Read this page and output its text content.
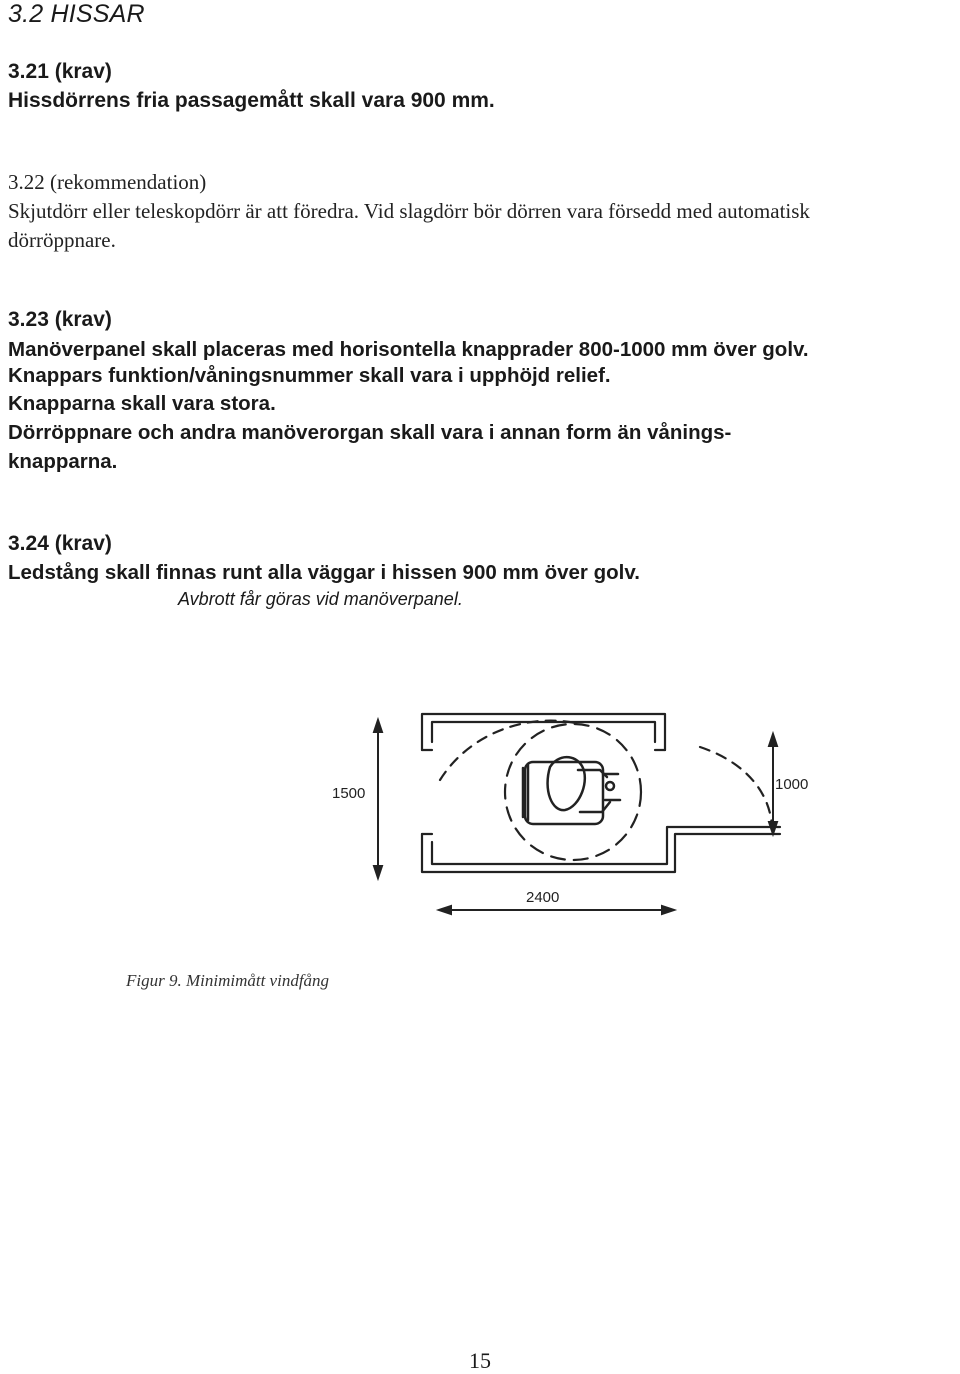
3.2 HISSAR
3.21 (krav)
Hissdörrens fria passagemått skall vara 900 mm.
3.22 (rekommendation)
Skjutdörr eller teleskopdörr är att föredra. Vid slagdörr bör dörren vara försedd med automatisk
dörröppnare.
3.23 (krav)
Manöverpanel skall placeras med horisontella knapprader 800-1000 mm över golv.
Knappars funktion/våningsnummer skall vara i upphöjd relief.
Knapparna skall vara stora.
Dörröppnare och andra manöverorgan skall vara i annan form än vånings-
knapparna.
3.24 (krav)
Ledstång skall finnas runt alla väggar i hissen 900 mm över golv.
Avbrott får göras vid manöverpanel.
1500
1000
2400
Figur 9. Minimimått vindfång
15
